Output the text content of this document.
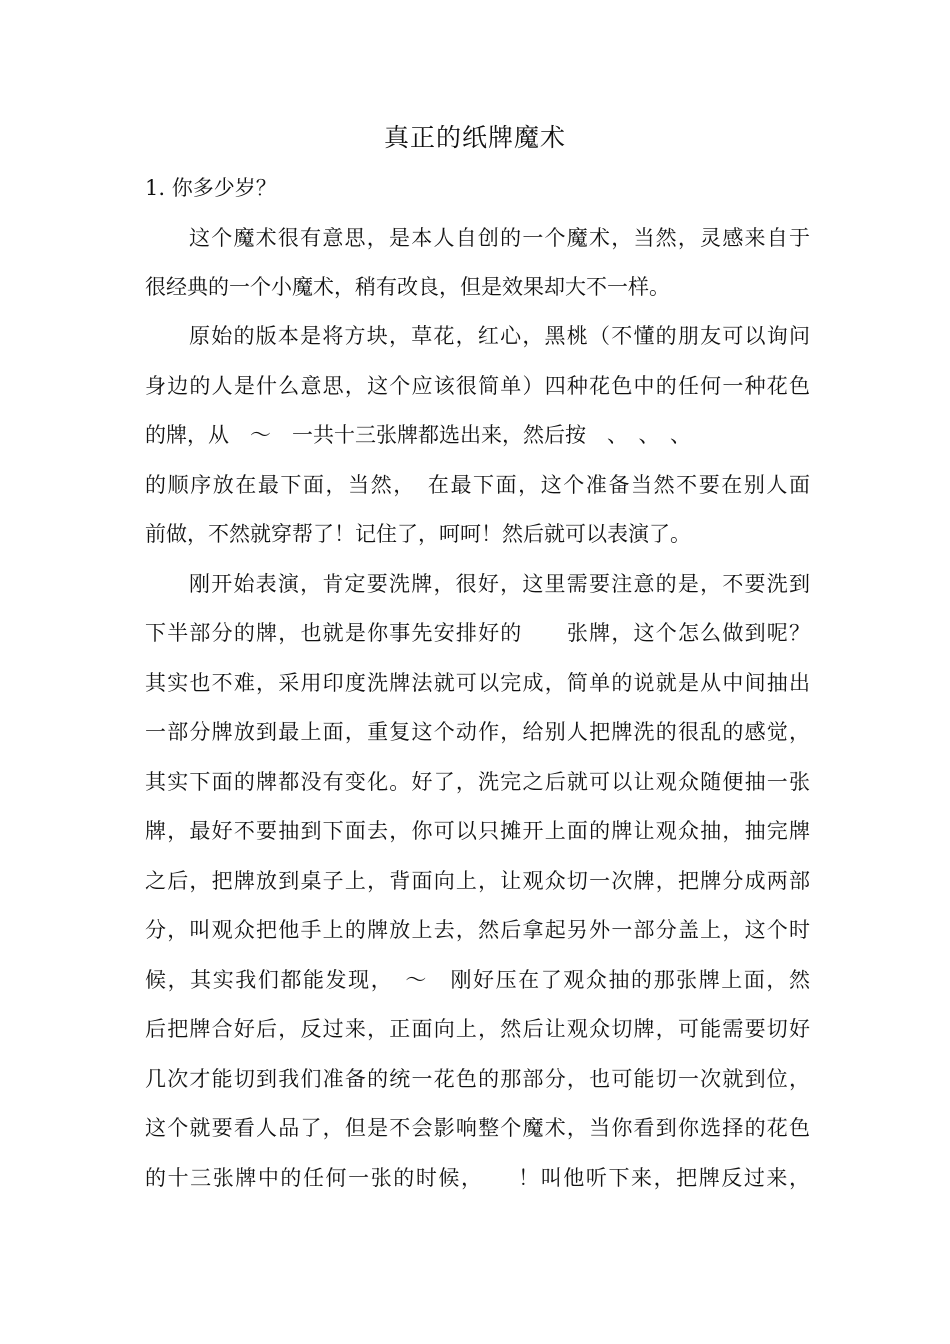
真正的纸牌魔术

1. 你多少岁？

这个魔术很有意思，是本人自创的一个魔术，当然，灵感来自于

很经典的一个小魔术，稍有改良，但是效果却大不一样。

原始的版本是将方块，草花，红心，黑桃（不懂的朋友可以询问

身边的人是什么意思，这个应该很简单）四种花色中的任何一种花色

的牌，从　～　一共十三张牌都选出来，然后按　、　、　、

的顺序放在最下面，当然，　在最下面，这个准备当然不要在别人面

前做，不然就穿帮了！记住了，呵呵！然后就可以表演了。

刚开始表演，肯定要洗牌，很好，这里需要注意的是，不要洗到

下半部分的牌，也就是你事先安排好的　　张牌，这个怎么做到呢？

其实也不难，采用印度洗牌法就可以完成，简单的说就是从中间抽出

一部分牌放到最上面，重复这个动作，给别人把牌洗的很乱的感觉，

其实下面的牌都没有变化。好了，洗完之后就可以让观众随便抽一张

牌，最好不要抽到下面去，你可以只摊开上面的牌让观众抽，抽完牌

之后，把牌放到桌子上，背面向上，让观众切一次牌，把牌分成两部

分，叫观众把他手上的牌放上去，然后拿起另外一部分盖上，这个时

候，其实我们都能发现，　～　刚好压在了观众抽的那张牌上面，然

后把牌合好后，反过来，正面向上，然后让观众切牌，可能需要切好

几次才能切到我们准备的统一花色的那部分，也可能切一次就到位，

这个就要看人品了，但是不会影响整个魔术，当你看到你选择的花色

的十三张牌中的任何一张的时候，　　！叫他听下来，把牌反过来，
